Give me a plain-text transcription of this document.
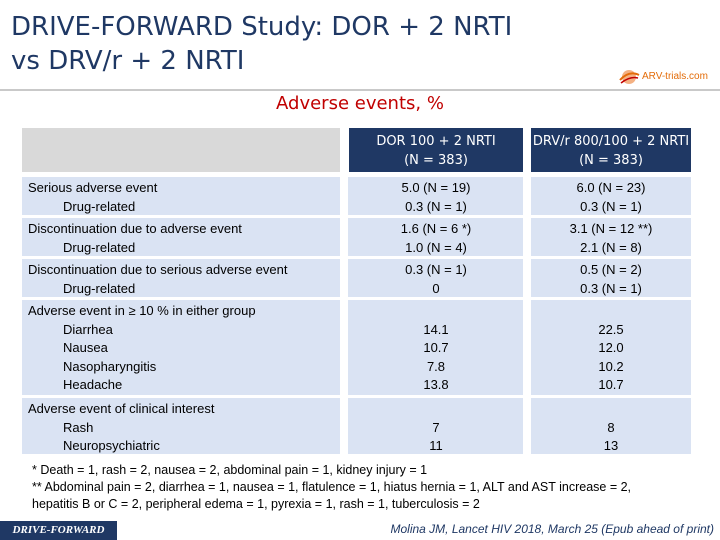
DRIVE-FORWARD Study: DOR + 2 NRTI
vs DRV/r + 2 NRTI
ARV-trials.com
Adverse events, %
DOR 100 + 2 NRTI
(N = 383)
DRV/r 800/100 + 2 NRTI
(N = 383)
Serious adverse event
Drug-related
5.0 (N = 19)
0.3 (N = 1)
6.0 (N = 23)
0.3 (N = 1)
Discontinuation due to adverse event
Drug-related
1.6 (N = 6 *)
1.0 (N = 4)
3.1 (N = 12 **)
2.1 (N = 8)
Discontinuation due to serious adverse event
Drug-related
0.3 (N = 1)
0
0.5 (N = 2)
0.3 (N = 1)
Adverse event in ≥ 10 % in either group
Diarrhea
Nausea
Nasopharyngitis
Headache
14.1
10.7
7.8
13.8
22.5
12.0
10.2
10.7
Adverse event of clinical interest
Rash
Neuropsychiatric
7
11
8
13
* Death = 1, rash = 2, nausea = 2, abdominal pain = 1, kidney injury = 1
** Abdominal pain = 2, diarrhea = 1, nausea = 1, flatulence = 1, hiatus hernia = 1, ALT and AST increase = 2,
hepatitis B or C = 2, peripheral edema = 1, pyrexia = 1, rash = 1, tuberculosis = 2
DRIVE-FORWARD	Molina JM, Lancet HIV 2018, March 25 (Epub ahead of print)
